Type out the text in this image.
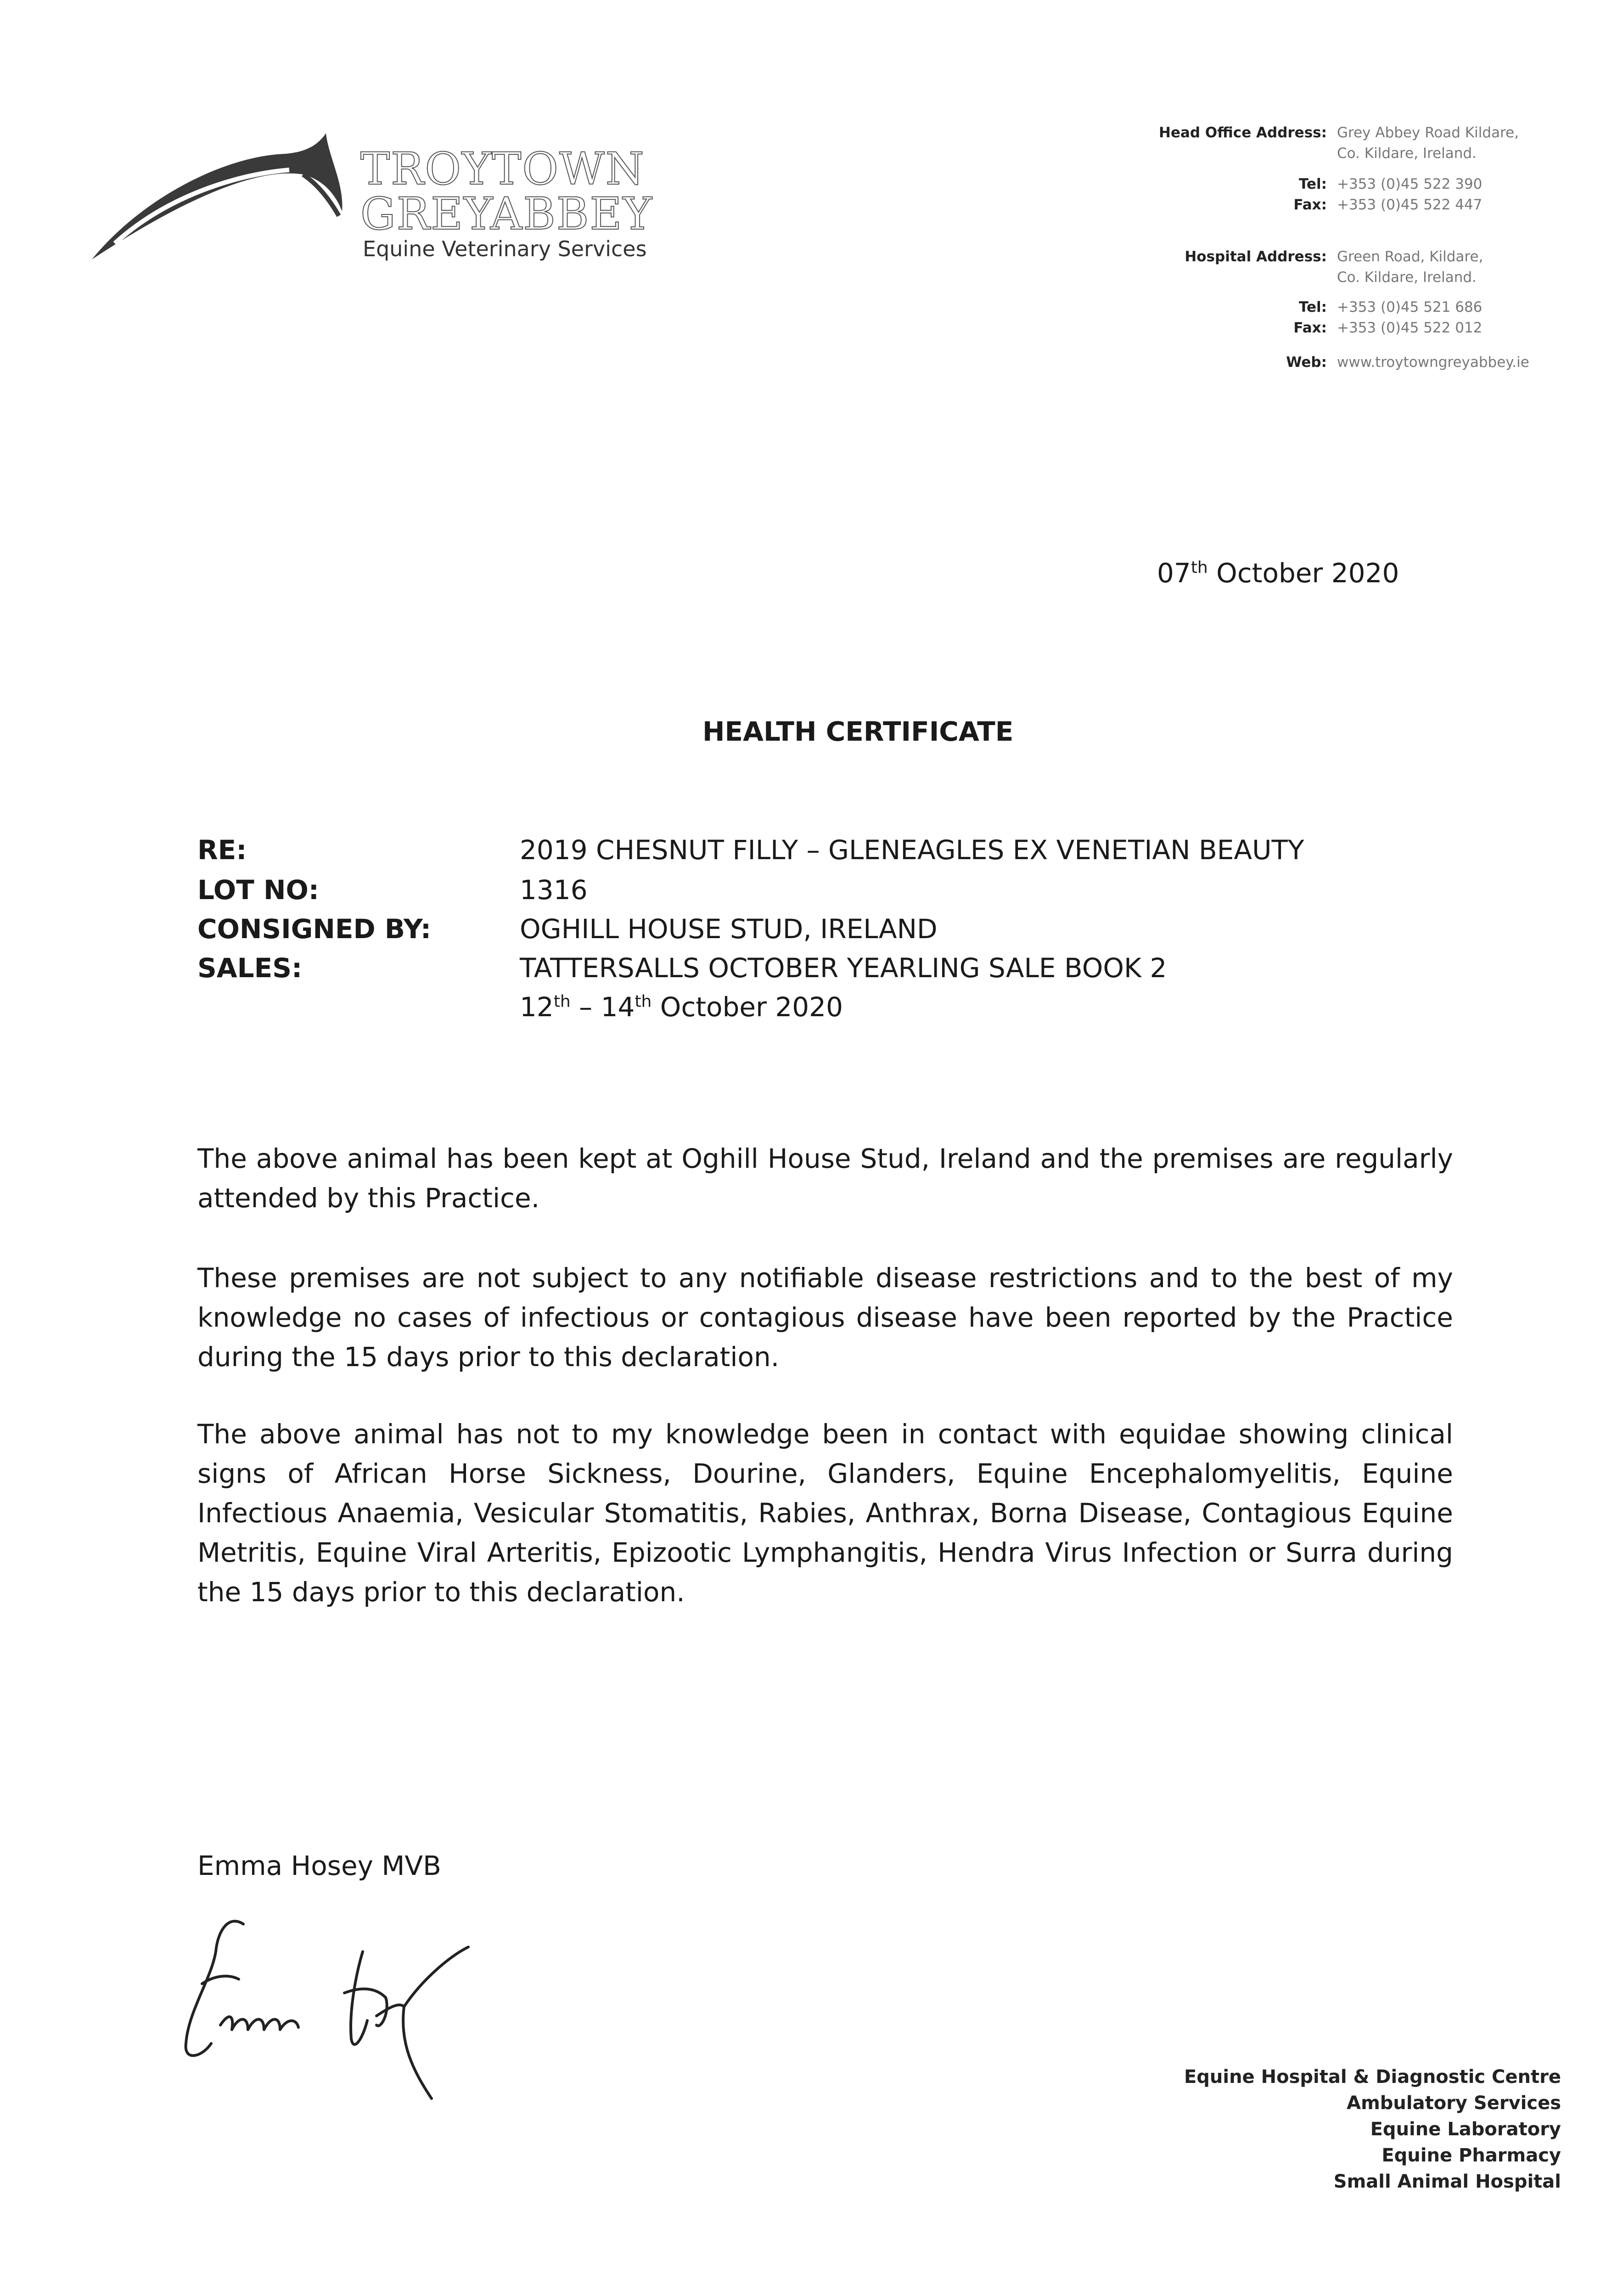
TROYTOWN
GREYABBEY
Equine Veterinary Services
Head Office Address: Grey Abbey Road Kildare,
Co. Kildare, Ireland.
Tel: +353 (0)45 522 390
Fax: +353 (0)45 522 447
Hospital Address: Green Road, Kildare,
Co. Kildare, Ireland.
Tel: +353 (0)45 521 686
Fax: +353 (0)45 522 012
Web: www.troytowngreyabbey.ie
07th October 2020
HEALTH CERTIFICATE
RE:	2019 CHESNUT FILLY – GLENEAGLES EX VENETIAN BEAUTY
LOT NO:	1316
CONSIGNED BY:	OGHILL HOUSE STUD, IRELAND
SALES:	TATTERSALLS OCTOBER YEARLING SALE BOOK 2
12th – 14th October 2020
The above animal has been kept at Oghill House Stud, Ireland and the premises are regularly attended by this Practice.
These premises are not subject to any notifiable disease restrictions and to the best of my knowledge no cases of infectious or contagious disease have been reported by the Practice during the 15 days prior to this declaration.
The above animal has not to my knowledge been in contact with equidae showing clinical signs of African Horse Sickness, Dourine, Glanders, Equine Encephalomyelitis, Equine Infectious Anaemia, Vesicular Stomatitis, Rabies, Anthrax, Borna Disease, Contagious Equine Metritis, Equine Viral Arteritis, Epizootic Lymphangitis, Hendra Virus Infection or Surra during the 15 days prior to this declaration.
Emma Hosey MVB
Equine Hospital & Diagnostic Centre
Ambulatory Services
Equine Laboratory
Equine Pharmacy
Small Animal Hospital
